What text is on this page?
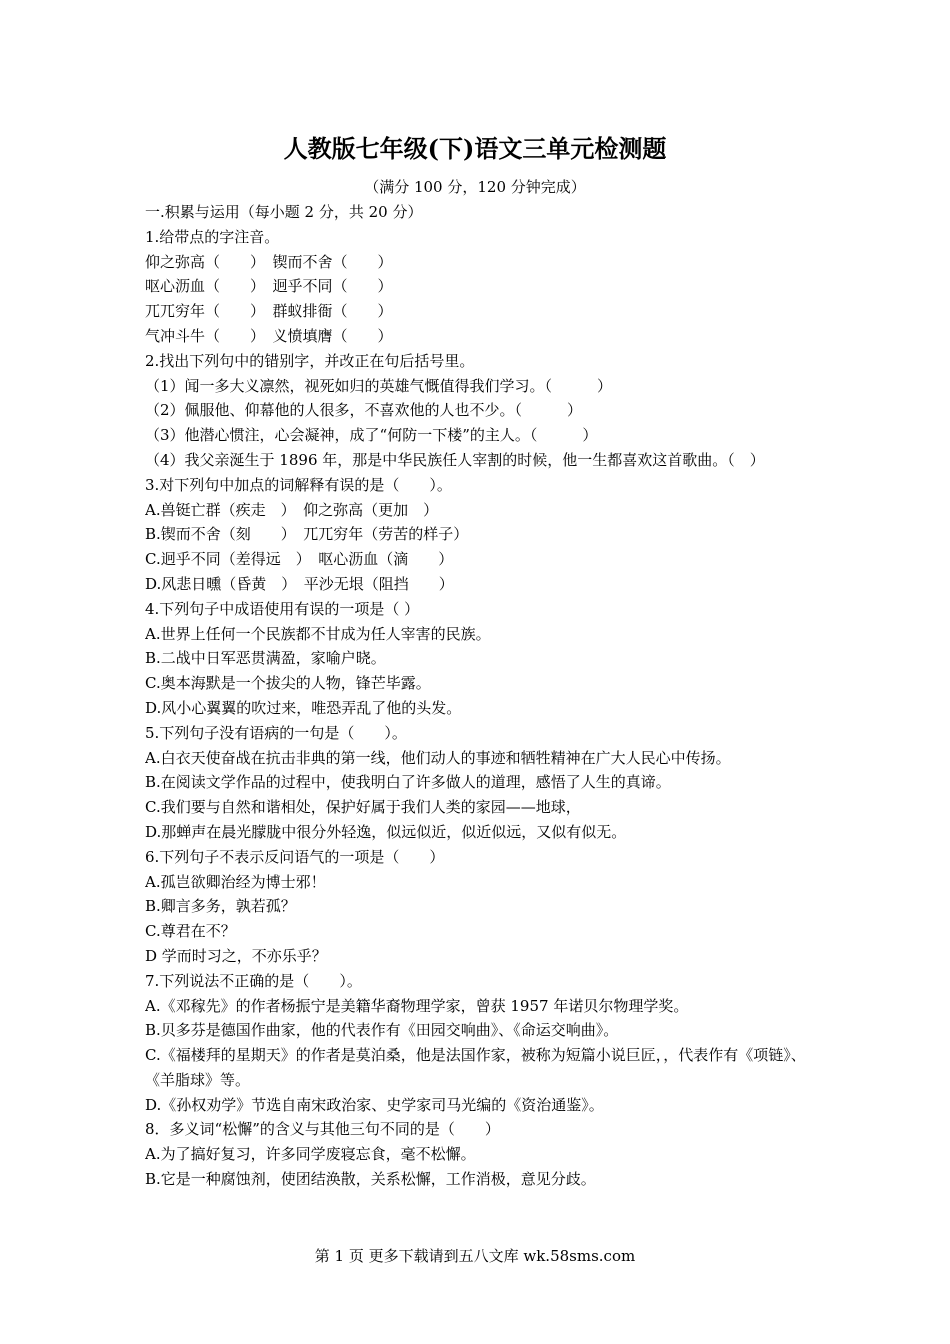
人教版七年级(下)语文三单元检测题
（满分 100 分，120 分钟完成）
一.积累与运用（每小题 2 分，共 20 分）
1.给带点的字注音。
仰之弥高（　　）　锲而不舍（　　）
呕心沥血（　　）　迥乎不同（　　）
兀兀穷年（　　）　群蚁排衙（　　）
气冲斗牛（　　）　义愤填膺（　　）
2.找出下列句中的错别字，并改正在句后括号里。
（1）闻一多大义凛然，视死如归的英雄气慨值得我们学习。（　　　）
（2）佩服他、仰幕他的人很多，不喜欢他的人也不少。（　　　）
（3）他潜心惯注，心会凝神，成了“何防一下楼”的主人。（　　　）
（4）我父亲涎生于 1896 年，那是中华民族任人宰割的时候，他一生都喜欢这首歌曲。（　）
3.对下列句中加点的词解释有误的是（　　）。
A.兽铤亡群（疾走　）　仰之弥高（更加　）
B.锲而不舍（刻　　）　兀兀穷年（劳苦的样子）
C.迥乎不同（差得远　）　呕心沥血（滴　　）
D.风悲日曛（昏黄　）　平沙无垠（阻挡　　）
4.下列句子中成语使用有误的一项是（ ）
A.世界上任何一个民族都不甘成为任人宰害的民族。
B.二战中日军恶贯满盈，家喻户晓。
C.奥本海默是一个拔尖的人物，锋芒毕露。
D.风小心翼翼的吹过来，唯恐弄乱了他的头发。
5.下列句子没有语病的一句是（　　）。
A.白衣天使奋战在抗击非典的第一线，他们动人的事迹和牺牲精神在广大人民心中传扬。
B.在阅读文学作品的过程中，使我明白了许多做人的道理，感悟了人生的真谛。
C.我们要与自然和谐相处，保护好属于我们人类的家园——地球，
D.那蝉声在晨光朦胧中很分外轻逸，似远似近，似近似远，又似有似无。
6.下列句子不表示反问语气的一项是（　　）
A.孤岂欲卿治经为博士邪！
B.卿言多务，孰若孤？
C.尊君在不？
D 学而时习之，不亦乐乎？
7.下列说法不正确的是（　　）。
A.《邓稼先》的作者杨振宁是美籍华裔物理学家，曾获 1957 年诺贝尔物理学奖。
B.贝多芬是德国作曲家，他的代表作有《田园交响曲》、《命运交响曲》。
C.《福楼拜的星期天》的作者是莫泊桑，他是法国作家，被称为短篇小说巨匠，，代表作有《项链》、《羊脂球》等。
D.《孙权劝学》节选自南宋政治家、史学家司马光编的《资治通鉴》。
8．多义词“松懈”的含义与其他三句不同的是（　　）
A.为了搞好复习，许多同学废寝忘食，毫不松懈。
B.它是一种腐蚀剂，使团结涣散，关系松懈，工作消极，意见分歧。
第 1 页 更多下载请到五八文库 wk.58sms.com
